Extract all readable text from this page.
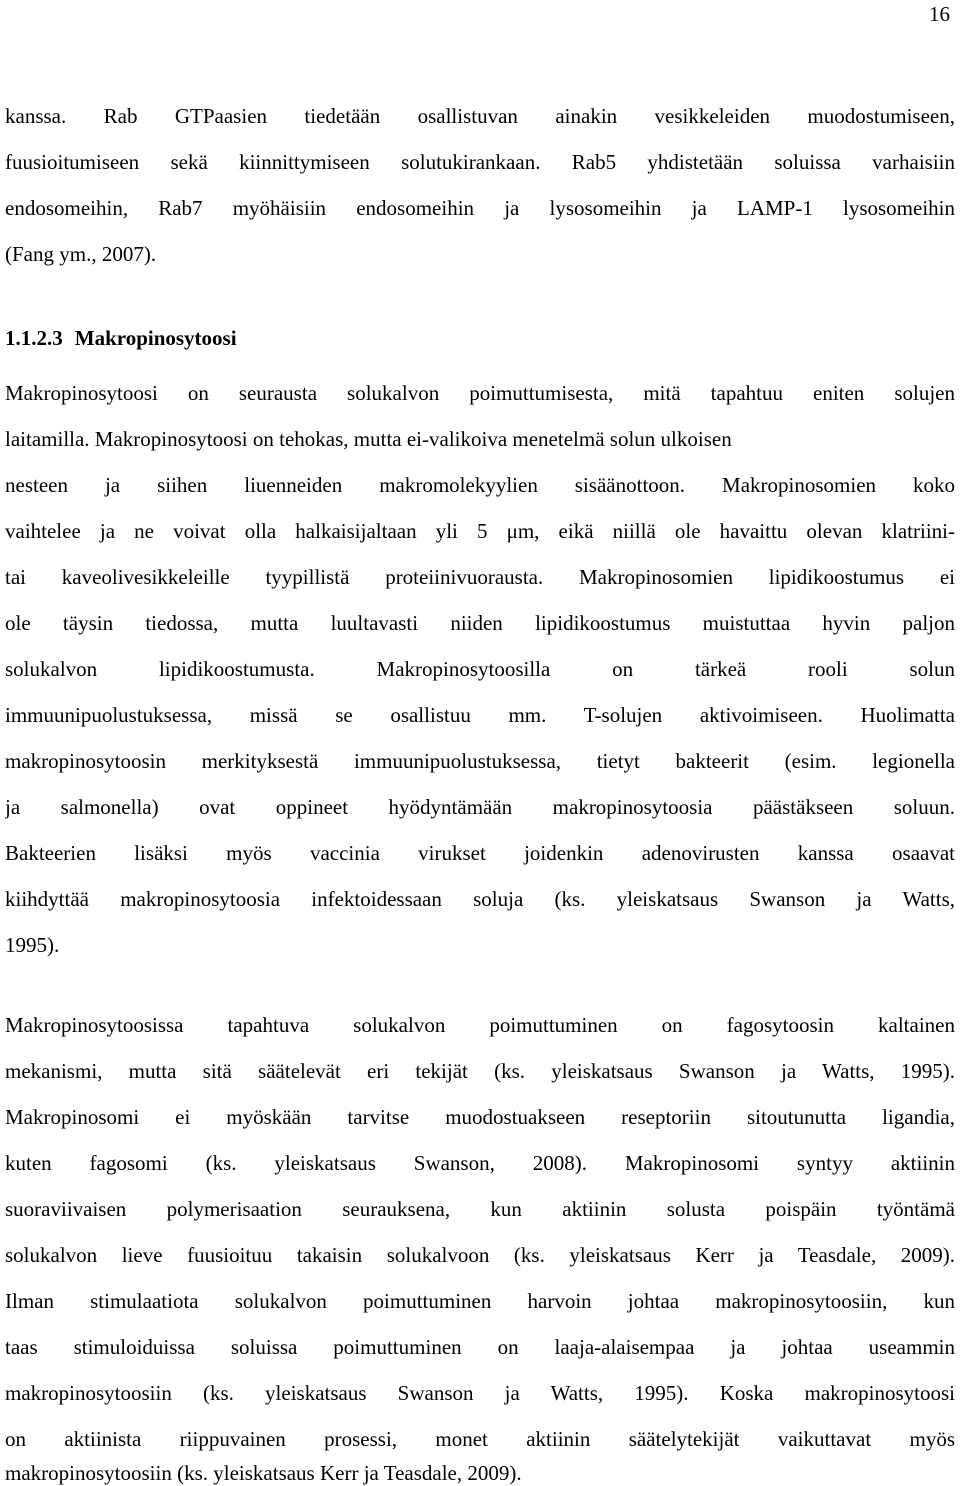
16

kanssa. Rab GTPaasien tiedetään osallistuvan ainakin vesikkeleiden muodostumiseen,

fuusioitumiseen sekä kiinnittymiseen solutukirankaan. Rab5 yhdistetään soluissa varhaisiin

endosomeihin, Rab7 myöhäisiin endosomeihin ja lysosomeihin ja LAMP-1 lysosomeihin

(Fang ym., 2007).

1.1.2.3 Makropinosytoosi

Makropinosytoosi on seurausta solukalvon poimuttumisesta, mitä tapahtuu eniten solujen

laitamilla. Makropinosytoosi on tehokas, mutta ei-valikoiva menetelmä solun ulkoisen

nesteen ja siihen liuenneiden makromolekyylien sisäänottoon. Makropinosomien koko

vaihtelee ja ne voivat olla halkaisijaltaan yli 5 μm, eikä niillä ole havaittu olevan klatriini-

tai kaveolivesikkeleille tyypillistä proteiinivuorausta. Makropinosomien lipidikoostumus ei

ole täysin tiedossa, mutta luultavasti niiden lipidikoostumus muistuttaa hyvin paljon

solukalvon lipidikoostumusta. Makropinosytoosilla on tärkeä rooli solun

immuunipuolustuksessa, missä se osallistuu mm. T-solujen aktivoimiseen. Huolimatta

makropinosytoosin merkityksestä immuunipuolustuksessa, tietyt bakteerit (esim. legionella

ja salmonella) ovat oppineet hyödyntämään makropinosytoosia päästäkseen soluun.

Bakteerien lisäksi myös vaccinia virukset joidenkin adenovirusten kanssa osaavat

kiihdyttää makropinosytoosia infektoidessaan soluja (ks. yleiskatsaus Swanson ja Watts,

1995).

Makropinosytoosissa tapahtuva solukalvon poimuttuminen on fagosytoosin kaltainen

mekanismi, mutta sitä säätelevät eri tekijät (ks. yleiskatsaus Swanson ja Watts, 1995).

Makropinosomi ei myöskään tarvitse muodostuakseen reseptoriin sitoutunutta ligandia,

kuten fagosomi (ks. yleiskatsaus Swanson, 2008). Makropinosomi syntyy aktiinin

suoraviivaisen polymerisaation seurauksena, kun aktiinin solusta poispäin työntämä

solukalvon lieve fuusioituu takaisin solukalvoon (ks. yleiskatsaus Kerr ja Teasdale, 2009).

Ilman stimulaatiota solukalvon poimuttuminen harvoin johtaa makropinosytoosiin, kun

taas stimuloiduissa soluissa poimuttuminen on laaja-alaisempaa ja johtaa useammin

makropinosytoosiin (ks. yleiskatsaus Swanson ja Watts, 1995). Koska makropinosytoosi

on aktiinista riippuvainen prosessi, monet aktiinin säätelytekijät vaikuttavat myös

makropinosytoosiin (ks. yleiskatsaus Kerr ja Teasdale, 2009).
